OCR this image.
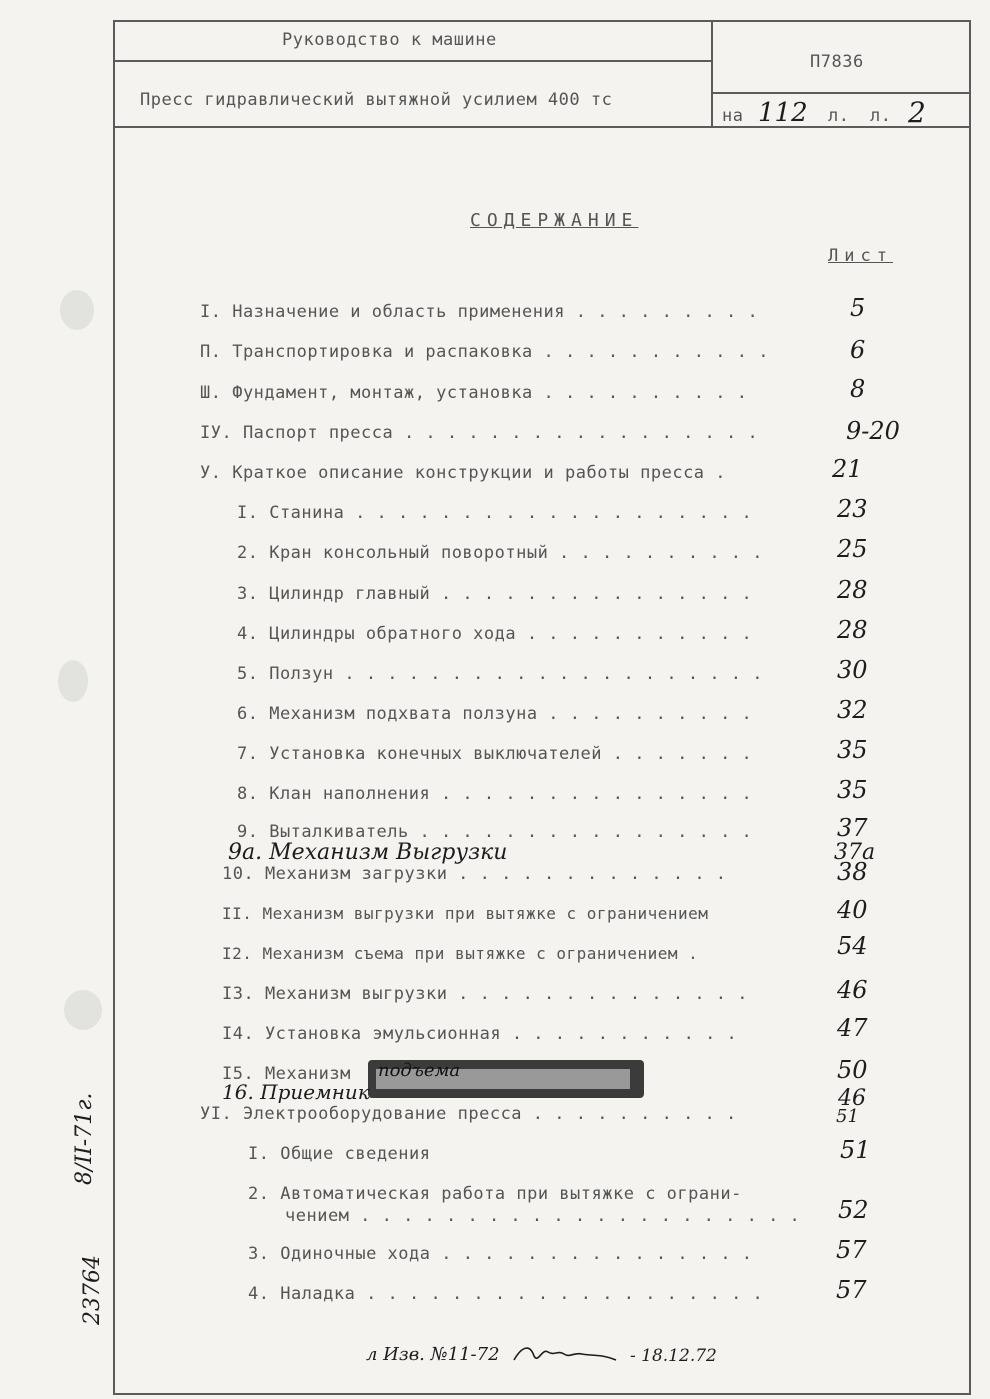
Руководство к машине
Пресс гидравлический вытяжной усилием 400 тс
П7836
на 112 л. л. 2
СОДЕРЖАНИЕ
Лист
I. Назначение и область применения . . . . . . . . .	5
П. Транспортировка и распаковка . . . . . . . . . . .	6
Ш. Фундамент, монтаж, установка . . . . . . . . . .	8
IУ. Паспорт пресса . . . . . . . . . . . . . . . . .	9-20
У. Краткое описание конструкции и работы пресса .	21
I. Станина . . . . . . . . . . . . . . . . . . .	23
2. Кран консольный поворотный . . . . . . . . . .	25
3. Цилиндр главный . . . . . . . . . . . . . . .	28
4. Цилиндры обратного хода . . . . . . . . . . .	28
5. Ползун . . . . . . . . . . . . . . . . . . . .	30
6. Механизм подхвата ползуна . . . . . . . . . .	32
7. Установка конечных выключателей . . . . . . .	35
8. Клан наполнения . . . . . . . . . . . . . . .	35
9. Выталкиватель . . . . . . . . . . . . . . . .	37
9а. Механизм Выгрузки	37а
10. Механизм загрузки . . . . . . . . . . . . .	38
II. Механизм выгрузки при вытяжке с ограничением	40
I2. Механизм съема при вытяжке с ограничением .	54
I3. Механизм выгрузки . . . . . . . . . . . . . .	46
I4. Установка эмульсионная . . . . . . . . . . .	47
I5. Механизм	50
подъема
16. Приемник	46
УI. Электрооборудование пресса . . . . . . . . . .	51
I. Общие сведения	51
2. Автоматическая работа при вытяжке с ограни-
чением . . . . . . . . . . . . . . . . . . . . . 52
3. Одиночные хода . . . . . . . . . . . . . . .	57
4. Наладка . . . . . . . . . . . . . . . . . . .	57
л Изв. №11-72	- 18.12.72
23764
8/II-71г.
